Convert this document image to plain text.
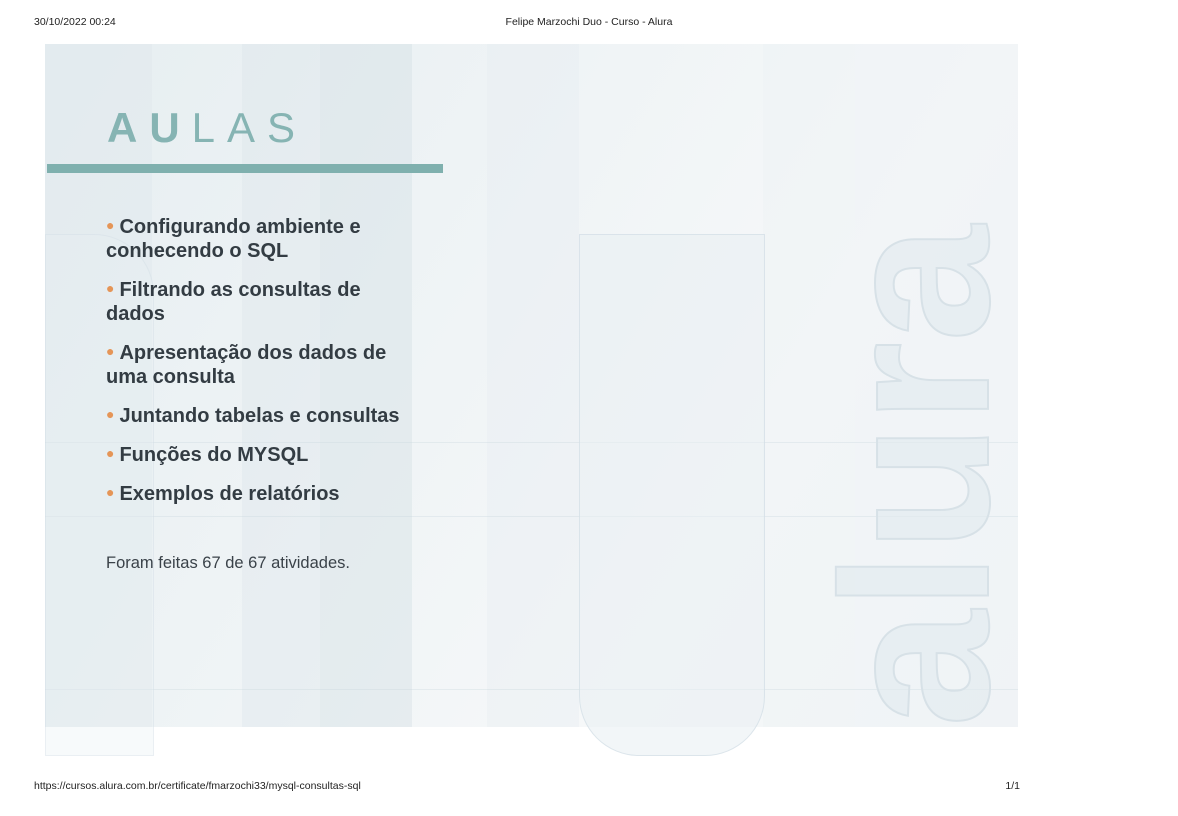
30/10/2022 00:24	Felipe Marzochi Duo - Curso - Alura
alura
AULAS
● Configurando ambiente e conhecendo o SQL
● Filtrando as consultas de dados
● Apresentação dos dados de uma consulta
● Juntando tabelas e consultas
● Funções do MYSQL
● Exemplos de relatórios
Foram feitas 67 de 67 atividades.
https://cursos.alura.com.br/certificate/fmarzochi33/mysql-consultas-sql	1/1
